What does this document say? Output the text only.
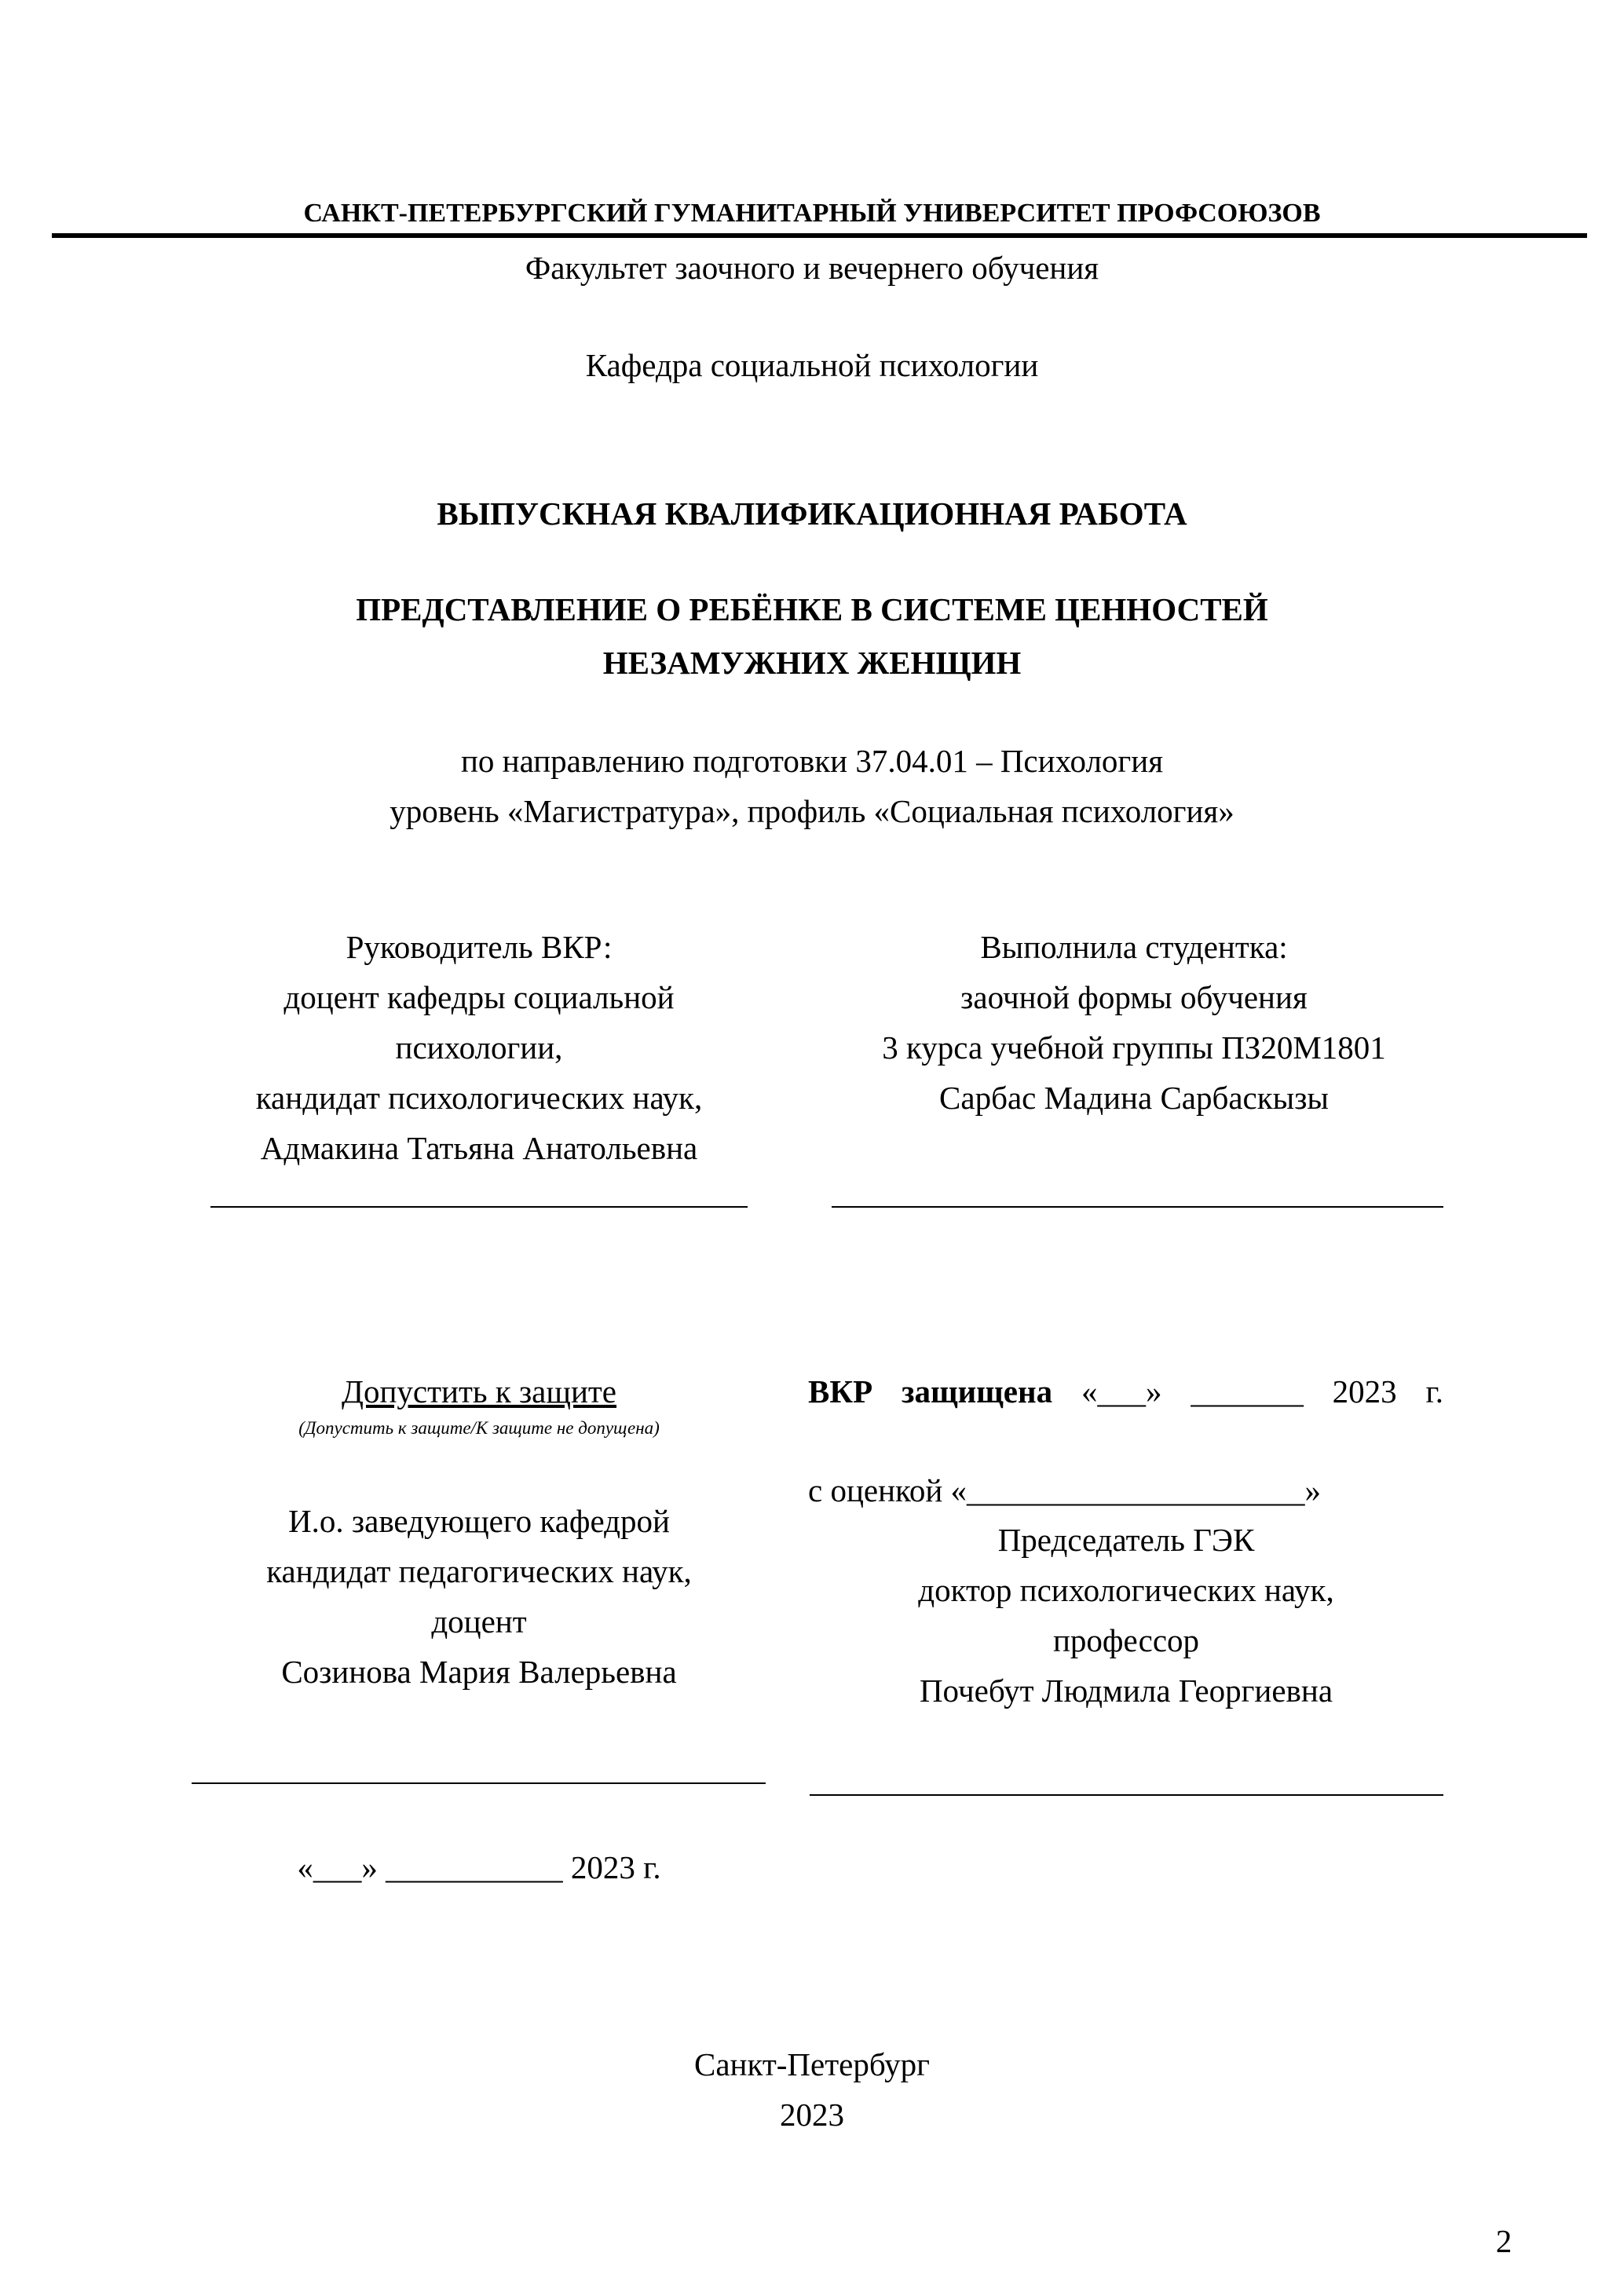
САНКТ-ПЕТЕРБУРГСКИЙ ГУМАНИТАРНЫЙ УНИВЕРСИТЕТ ПРОФСОЮЗОВ
Факультет заочного и вечернего обучения
Кафедра социальной психологии
ВЫПУСКНАЯ КВАЛИФИКАЦИОННАЯ РАБОТА
ПРЕДСТАВЛЕНИЕ О РЕБЁНКЕ В СИСТЕМЕ ЦЕННОСТЕЙ
НЕЗАМУЖНИХ ЖЕНЩИН
по направлению подготовки 37.04.01 – Психология
уровень «Магистратура», профиль «Социальная психология»
Руководитель ВКР:
доцент кафедры социальной
психологии,
кандидат психологических наук,
Адмакина Татьяна Анатольевна
Выполнила студентка:
заочной формы обучения
3 курса учебной группы ПЗ20М1801
Сарбас Мадина Сарбаскызы
Допустить к защите
(Допустить к защите/К защите не допущена)
И.о. заведующего кафедрой
кандидат педагогических наук,
доцент
Созинова Мария Валерьевна
«___» ___________ 2023 г.
ВКР защищена «___» _______ 2023 г.
с оценкой «_____________________»
Председатель ГЭК
доктор психологических наук,
профессор
Почебут Людмила Георгиевна
Санкт-Петербург
2023
2
